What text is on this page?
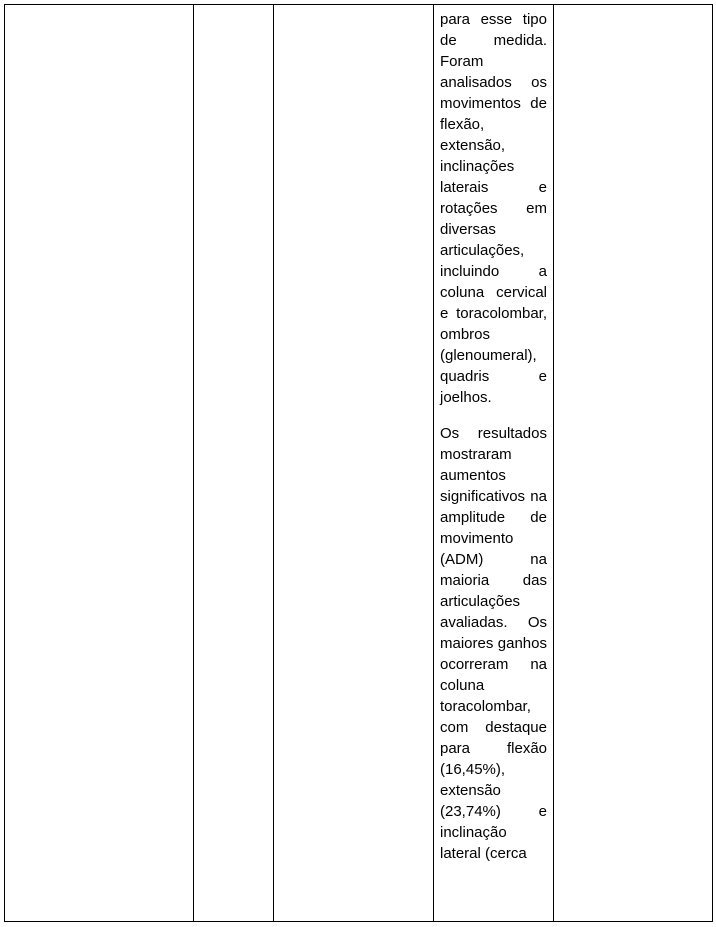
para esse tipo de medida. Foram analisados os movimentos de flexão, extensão, inclinações laterais e rotações em diversas articulações, incluindo a coluna cervical e toracolombar, ombros (glenoumeral), quadris e joelhos.

Os resultados mostraram aumentos significativos na amplitude de movimento (ADM) na maioria das articulações avaliadas. Os maiores ganhos ocorreram na coluna toracolombar, com destaque para flexão (16,45%), extensão (23,74%) e inclinação lateral (cerca
